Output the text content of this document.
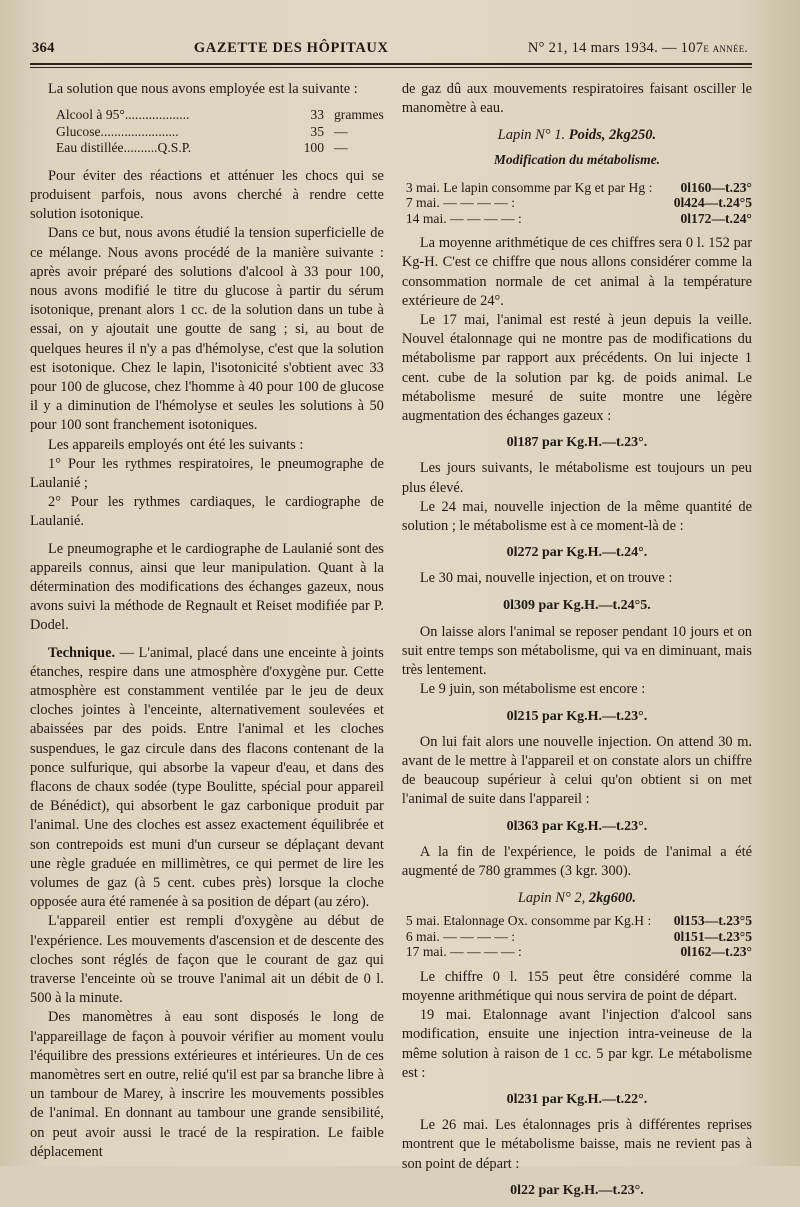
364	GAZETTE DES HÔPITAUX	N° 21, 14 mars 1934. — 107e année.

La solution que nous avons employée est la suivante :

Alcool à 95°...................	33 grammes
Glucose.......................	35 —
Eau distillée..........Q.S.P.	100 —

Pour éviter des réactions et atténuer les chocs qui se produisent parfois, nous avons cherché à rendre cette solution isotonique.

Dans ce but, nous avons étudié la tension superficielle de ce mélange. Nous avons procédé de la manière suivante : après avoir préparé des solutions d'alcool à 33 pour 100, nous avons modifié le titre du glucose à partir du sérum isotonique, prenant alors 1 cc. de la solution dans un tube à essai, on y ajoutait une goutte de sang ; si, au bout de quelques heures il n'y a pas d'hémolyse, c'est que la solution est isotonique. Chez le lapin, l'isotonicité s'obtient avec 33 pour 100 de glucose, chez l'homme à 40 pour 100 de glucose il y a diminution de l'hémolyse et seules les solutions à 50 pour 100 sont franchement isotoniques.

Les appareils employés ont été les suivants :

1° Pour les rythmes respiratoires, le pneumographe de Laulanié ;

2° Pour les rythmes cardiaques, le cardiographe de Laulanié.

Le pneumographe et le cardiographe de Laulanié sont des appareils connus, ainsi que leur manipulation. Quant à la détermination des modifications des échanges gazeux, nous avons suivi la méthode de Regnault et Reiset modifiée par P. Dodel.

Technique. — L'animal, placé dans une enceinte à joints étanches, respire dans une atmosphère d'oxygène pur. Cette atmosphère est constamment ventilée par le jeu de deux cloches jointes à l'enceinte, alternativement soulevées et abaissées par des poids. Entre l'animal et les cloches suspendues, le gaz circule dans des flacons contenant de la ponce sulfurique, qui absorbe la vapeur d'eau, et dans des flacons de chaux sodée (type Boulitte, spécial pour appareil de Bénédict), qui absorbent le gaz carbonique produit par l'animal. Une des cloches est assez exactement équilibrée et son contrepoids est muni d'un curseur se déplaçant devant une règle graduée en millimètres, ce qui permet de lire les volumes de gaz (à 5 cent. cubes près) lorsque la cloche opposée aura été ramenée à sa position de départ (au zéro).

L'appareil entier est rempli d'oxygène au début de l'expérience. Les mouvements d'ascension et de descente des cloches sont réglés de façon que le courant de gaz qui traverse l'enceinte où se trouve l'animal ait un débit de 0 l. 500 à la minute.

Des manomètres à eau sont disposés le long de l'appareillage de façon à pouvoir vérifier au moment voulu l'équilibre des pressions extérieures et intérieures. Un de ces manomètres sert en outre, relié qu'il est par sa branche libre à un tambour de Marey, à inscrire les mouvements possibles de l'animal. En donnant au tambour une grande sensibilité, on peut avoir aussi le tracé de la respiration. Le faible déplacement

de gaz dû aux mouvements respiratoires faisant osciller le manomètre à eau.

Lapin N° 1. Poids, 2kg250.
Modification du métabolisme.
3 mai. Le lapin consomme par Kg et par Hg : 0l160—t.23°
7 mai. — — — — :	0l424—t.24°5
14 mai. — — — — :	0l172—t.24°

La moyenne arithmétique de ces chiffres sera 0 l. 152 par Kg-H. C'est ce chiffre que nous allons considérer comme la consommation normale de cet animal à la température extérieure de 24°.

Le 17 mai, l'animal est resté à jeun depuis la veille. Nouvel étalonnage qui ne montre pas de modifications du métabolisme par rapport aux précédents. On lui injecte 1 cent. cube de la solution par kg. de poids animal. Le métabolisme mesuré de suite montre une légère augmentation des échanges gazeux :

0l187 par Kg.H.—t.23°.

Les jours suivants, le métabolisme est toujours un peu plus élevé.

Le 24 mai, nouvelle injection de la même quantité de solution ; le métabolisme est à ce moment-là de :

0l272 par Kg.H.—t.24°.

Le 30 mai, nouvelle injection, et on trouve :

0l309 par Kg.H.—t.24°5.

On laisse alors l'animal se reposer pendant 10 jours et on suit entre temps son métabolisme, qui va en diminuant, mais très lentement.

Le 9 juin, son métabolisme est encore :

0l215 par Kg.H.—t.23°.

On lui fait alors une nouvelle injection. On attend 30 m. avant de le mettre à l'appareil et on constate alors un chiffre de beaucoup supérieur à celui qu'on obtient si on met l'animal de suite dans l'appareil :

0l363 par Kg.H.—t.23°.

A la fin de l'expérience, le poids de l'animal a été augmenté de 780 grammes (3 kgr. 300).

Lapin N° 2, 2kg600.
5 mai. Etalonnage Ox. consomme par Kg.H : 0l153—t.23°5
6 mai. — — — — :	0l151—t.23°5
17 mai. — — — — :	0l162—t.23°

Le chiffre 0 l. 155 peut être considéré comme la moyenne arithmétique qui nous servira de point de départ.

19 mai. Etalonnage avant l'injection d'alcool sans modification, ensuite une injection intra-veineuse de la même solution à raison de 1 cc. 5 par kgr. Le métabolisme est :

0l231 par Kg.H.—t.22°.

Le 26 mai. Les étalonnages pris à différentes reprises montrent que le métabolisme baisse, mais ne revient pas à son point de départ :

0l22 par Kg.H.—t.23°.
